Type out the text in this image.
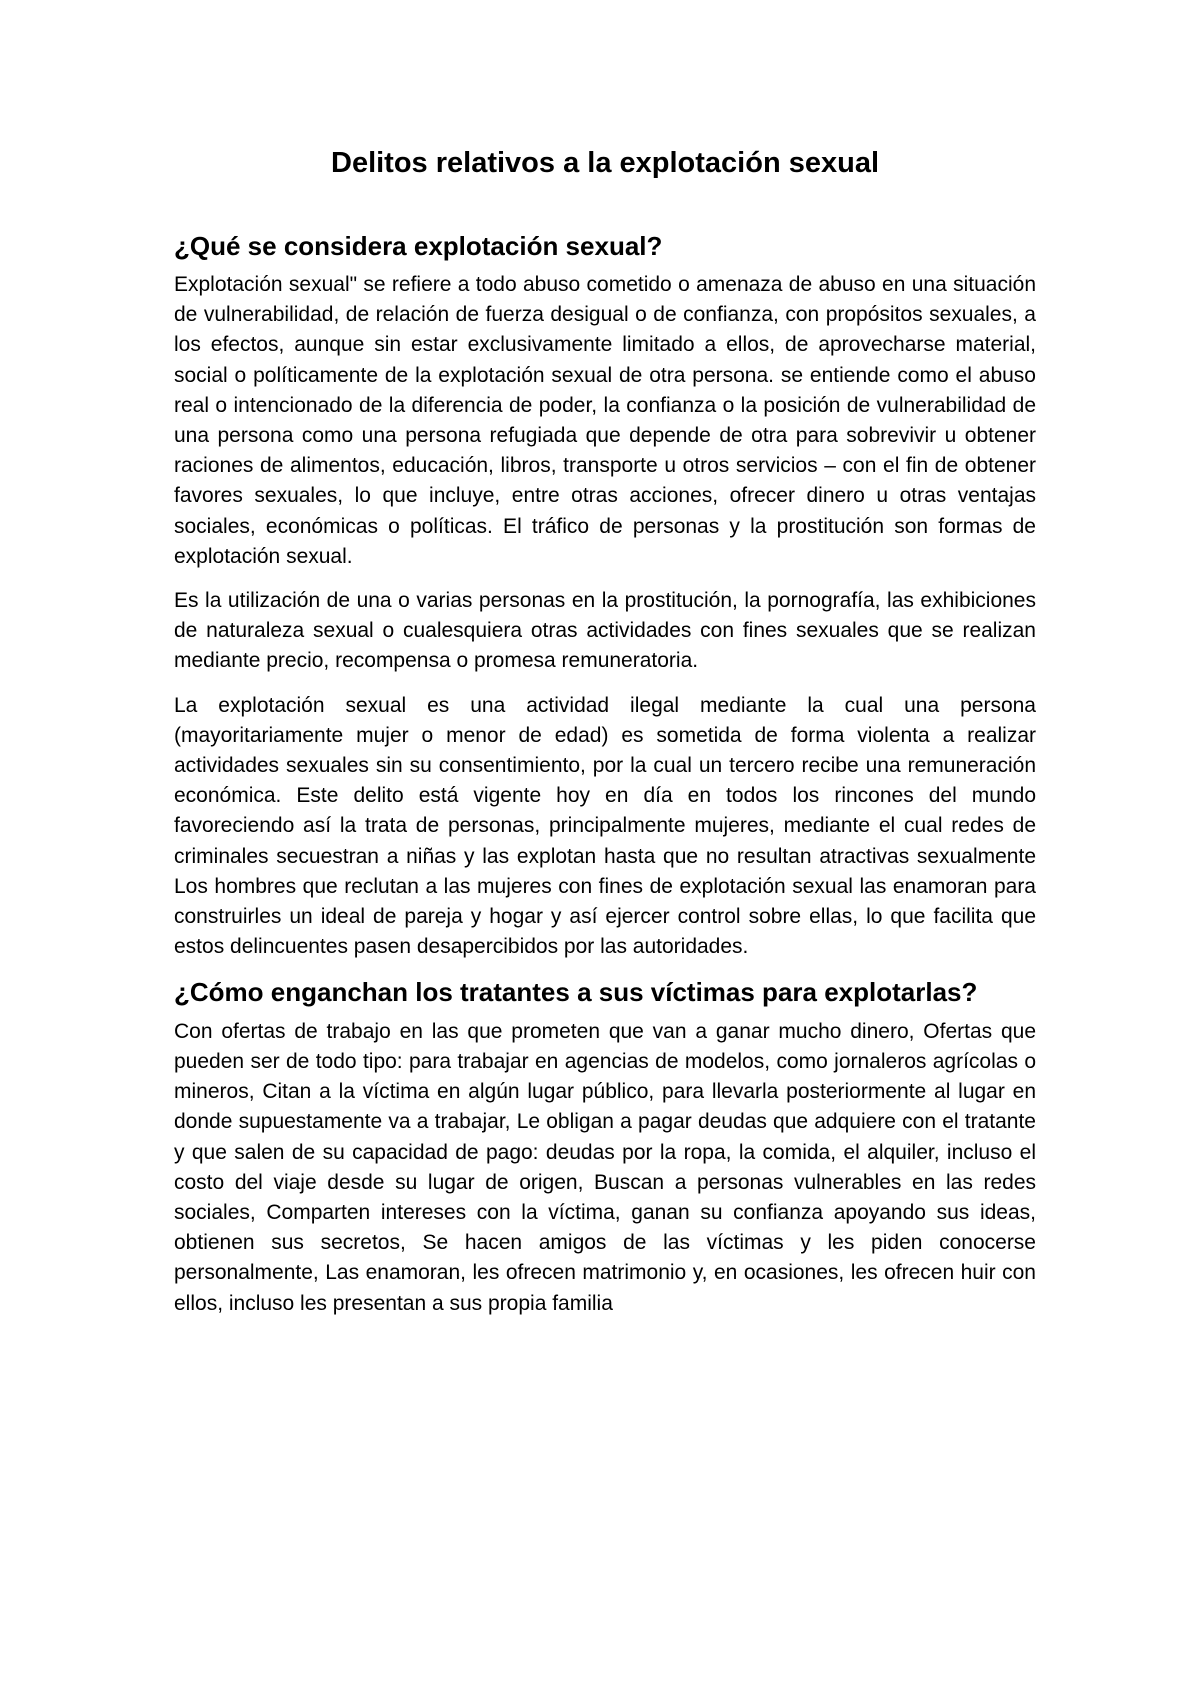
Delitos relativos a la explotación sexual
¿Qué se considera explotación sexual?

Explotación sexual" se refiere a todo abuso cometido o amenaza de abuso en una situación de vulnerabilidad, de relación de fuerza desigual o de confianza, con propósitos sexuales, a los efectos, aunque sin estar exclusivamente limitado a ellos, de aprovecharse material, social o políticamente de la explotación sexual de otra persona. se entiende como el abuso real o intencionado de la diferencia de poder, la confianza o la posición de vulnerabilidad de una persona como una persona refugiada que depende de otra para sobrevivir u obtener raciones de alimentos, educación, libros, transporte u otros servicios – con el fin de obtener favores sexuales, lo que incluye, entre otras acciones, ofrecer dinero u otras ventajas sociales, económicas o políticas. El tráfico de personas y la prostitución son formas de explotación sexual.

Es la utilización de una o varias personas en la prostitución, la pornografía, las exhibiciones de naturaleza sexual o cualesquiera otras actividades con fines sexuales que se realizan mediante precio, recompensa o promesa remuneratoria.

La explotación sexual es una actividad ilegal mediante la cual una persona (mayoritariamente mujer o menor de edad) es sometida de forma violenta a realizar actividades sexuales sin su consentimiento, por la cual un tercero recibe una remuneración económica. Este delito está vigente hoy en día en todos los rincones del mundo favoreciendo así la trata de personas, principalmente mujeres, mediante el cual redes de criminales secuestran a niñas y las explotan hasta que no resultan atractivas sexualmente Los hombres que reclutan a las mujeres con fines de explotación sexual las enamoran para construirles un ideal de pareja y hogar y así ejercer control sobre ellas, lo que facilita que estos delincuentes pasen desapercibidos por las autoridades.

¿Cómo enganchan los tratantes a sus víctimas para explotarlas?

Con ofertas de trabajo en las que prometen que van a ganar mucho dinero, Ofertas que pueden ser de todo tipo: para trabajar en agencias de modelos, como jornaleros agrícolas o mineros, Citan a la víctima en algún lugar público, para llevarla posteriormente al lugar en donde supuestamente va a trabajar, Le obligan a pagar deudas que adquiere con el tratante y que salen de su capacidad de pago: deudas por la ropa, la comida, el alquiler, incluso el costo del viaje desde su lugar de origen, Buscan a personas vulnerables en las redes sociales, Comparten intereses con la víctima, ganan su confianza apoyando sus ideas, obtienen sus secretos, Se hacen amigos de las víctimas y les piden conocerse personalmente, Las enamoran, les ofrecen matrimonio y, en ocasiones, les ofrecen huir con ellos, incluso les presentan a sus propia familia
